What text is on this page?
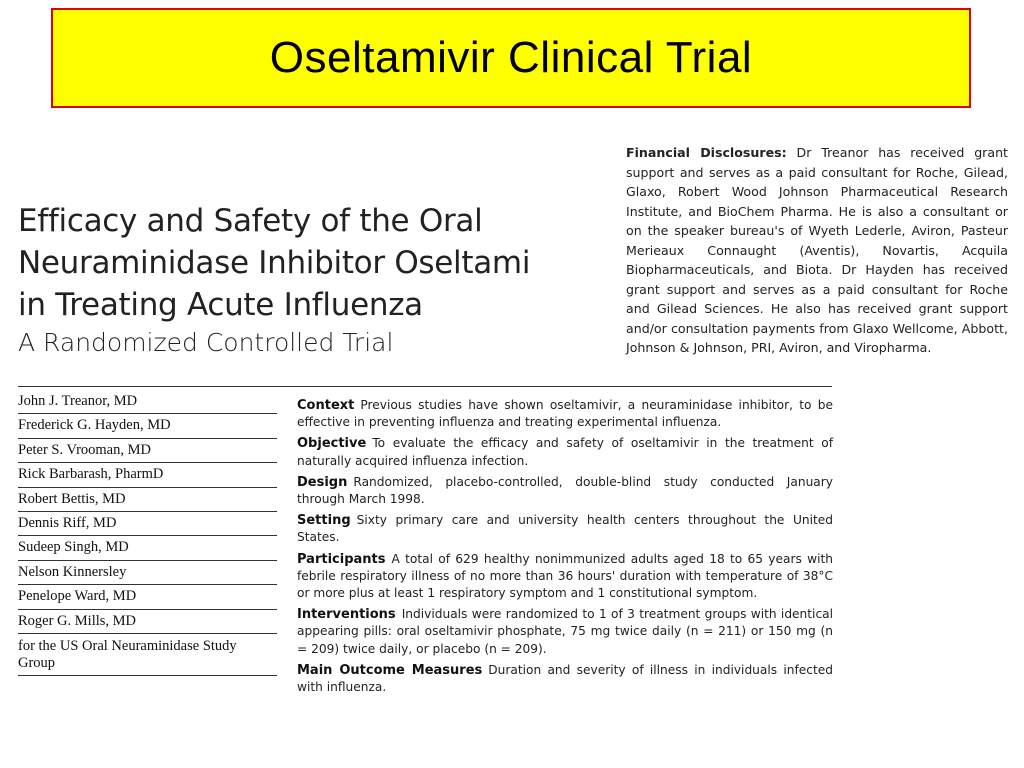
Oseltamivir Clinical Trial
Efficacy and Safety of the Oral
Neuraminidase Inhibitor Oseltami
in Treating Acute Influenza
A Randomized Controlled Trial
Financial Disclosures: Dr Treanor has received grant support and serves as a paid consultant for Roche, Gilead, Glaxo, Robert Wood Johnson Pharmaceutical Research Institute, and BioChem Pharma. He is also a consultant or on the speaker bureau's of Wyeth Lederle, Aviron, Pasteur Merieaux Connaught (Aventis), Novartis, Acquila Biopharmaceuticals, and Biota. Dr Hayden has received grant support and serves as a paid consultant for Roche and Gilead Sciences. He also has received grant support and/or consultation payments from Glaxo Wellcome, Abbott, Johnson & Johnson, PRI, Aviron, and Viropharma.
John J. Treanor, MD
Frederick G. Hayden, MD
Peter S. Vrooman, MD
Rick Barbarash, PharmD
Robert Bettis, MD
Dennis Riff, MD
Sudeep Singh, MD
Nelson Kinnersley
Penelope Ward, MD
Roger G. Mills, MD
for the US Oral Neuraminidase Study Group
Context Previous studies have shown oseltamivir, a neuraminidase inhibitor, to be effective in preventing influenza and treating experimental influenza.
Objective To evaluate the efficacy and safety of oseltamivir in the treatment of naturally acquired influenza infection.
Design Randomized, placebo-controlled, double-blind study conducted January through March 1998.
Setting Sixty primary care and university health centers throughout the United States.
Participants A total of 629 healthy nonimmunized adults aged 18 to 65 years with febrile respiratory illness of no more than 36 hours' duration with temperature of 38°C or more plus at least 1 respiratory symptom and 1 constitutional symptom.
Interventions Individuals were randomized to 1 of 3 treatment groups with identical appearing pills: oral oseltamivir phosphate, 75 mg twice daily (n = 211) or 150 mg (n = 209) twice daily, or placebo (n = 209).
Main Outcome Measures Duration and severity of illness in individuals infected with influenza.
